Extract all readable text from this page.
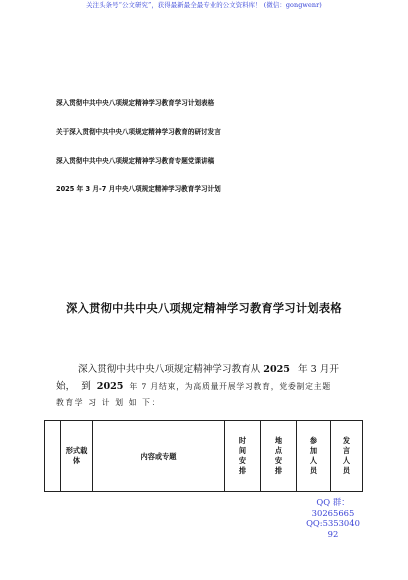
关注头条号“公文研究”，获得最新最全最专业的公文资料库！ (微信：gongwenr)
深入贯彻中共中央八项规定精神学习教育学习计划表格
关于深入贯彻中共中央八项规定精神学习教育的研讨发言
深入贯彻中共中央八项规定精神学习教育专题党课讲稿
2025 年 3 月-7 月中央八项规定精神学习教育学习计划
深入贯彻中共中央八项规定精神学习教育学习计划表格
深入贯彻中共中央八项规定精神学习教育从 2025 年 3 月开
始， 到 2025 年 7 月结束，为高质量开展学习教育，党委制定主题
教育学 习 计 划 如 下：
	形式载体	内容或专题	时间安排	地点安排	参加人员	发言人员
QQ 群：
30265665
QQ:5353040
92
